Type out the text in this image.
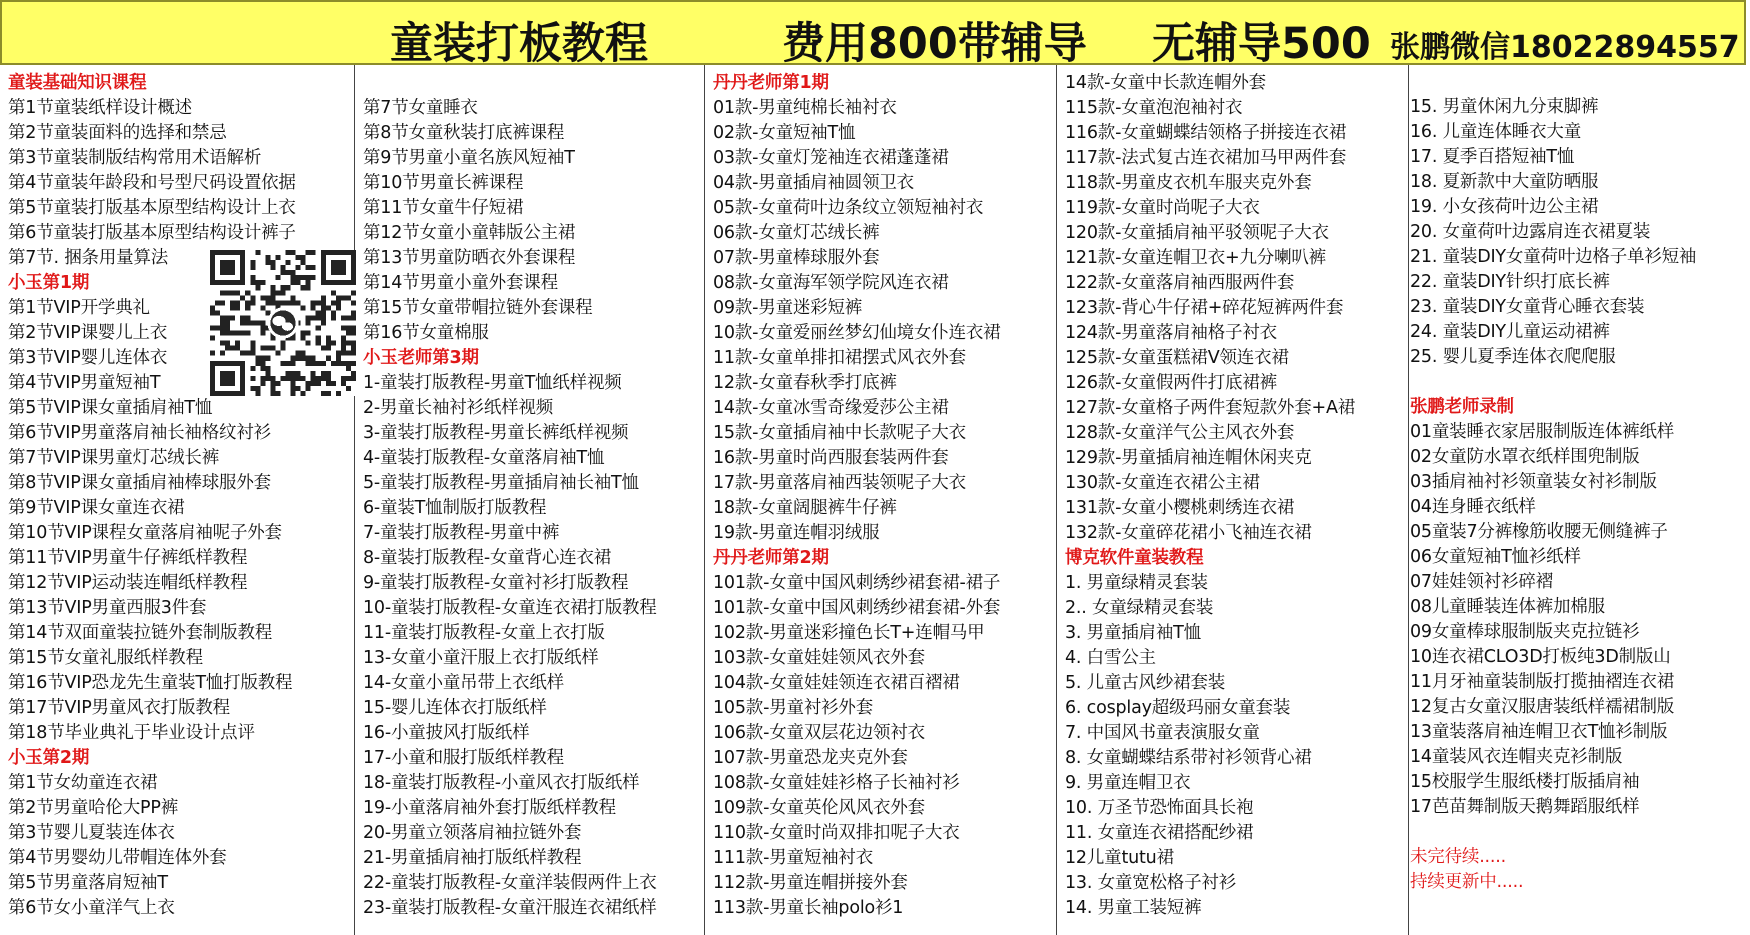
童装打板教程	费用800带辅导 无辅导500 张鹏微信18022894557
童装基础知识课程
第1节童装纸样设计概述
第2节童装面料的选择和禁忌
第3节童装制版结构常用术语解析
第4节童装年龄段和号型尺码设置依据
第5节童装打版基本原型结构设计上衣
第6节童装打版基本原型结构设计裤子
第7节. 捆条用量算法
小玉第1期
第1节VIP开学典礼
第2节VIP课婴儿上衣
第3节VIP婴儿连体衣
第4节VIP男童短袖T
第5节VIP课女童插肩袖T恤
第6节VIP男童落肩袖长袖格纹衬衫
第7节VIP课男童灯芯绒长裤
第8节VIP课女童插肩袖棒球服外套
第9节VIP课女童连衣裙
第10节VIP课程女童落肩袖呢子外套
第11节VIP男童牛仔裤纸样教程
第12节VIP运动装连帽纸样教程
第13节VIP男童西服3件套
第14节双面童装拉链外套制版教程
第15节女童礼服纸样教程
第16节VIP恐龙先生童装T恤打版教程
第17节VIP男童风衣打版教程
第18节毕业典礼于毕业设计点评
小玉第2期
第1节女幼童连衣裙
第2节男童哈伦大PP裤
第3节婴儿夏装连体衣
第4节男婴幼儿带帽连体外套
第5节男童落肩短袖T
第6节女小童洋气上衣
第7节女童睡衣
第8节女童秋装打底裤课程
第9节男童小童名族风短袖T
第10节男童长裤课程
第11节女童牛仔短裙
第12节女童小童韩版公主裙
第13节男童防晒衣外套课程
第14节男童小童外套课程
第15节女童带帽拉链外套课程
第16节女童棉服
小玉老师第3期
1-童装打版教程-男童T恤纸样视频
2-男童长袖衬衫纸样视频
3-童装打版教程-男童长裤纸样视频
4-童装打版教程-女童落肩袖T恤
5-童装打版教程-男童插肩袖长袖T恤
6-童装T恤制版打版教程
7-童装打版教程-男童中裤
8-童装打版教程-女童背心连衣裙
9-童装打版教程-女童衬衫打版教程
10-童装打版教程-女童连衣裙打版教程
11-童装打版教程-女童上衣打版
13-女童小童汗服上衣打版纸样
14-女童小童吊带上衣纸样
15-婴儿连体衣打版纸样
16-小童披风打版纸样
17-小童和服打版纸样教程
18-童装打版教程-小童风衣打版纸样
19-小童落肩袖外套打版纸样教程
20-男童立领落肩袖拉链外套
21-男童插肩袖打版纸样教程
22-童装打版教程-女童洋装假两件上衣
23-童装打版教程-女童汗服连衣裙纸样
丹丹老师第1期
01款-男童纯棉长袖衬衣
02款-女童短袖T恤
03款-女童灯笼袖连衣裙蓬蓬裙
04款-男童插肩袖圆领卫衣
05款-女童荷叶边条纹立领短袖衬衣
06款-女童灯芯绒长裤
07款-男童棒球服外套
08款-女童海军领学院风连衣裙
09款-男童迷彩短裤
10款-女童爱丽丝梦幻仙境女仆连衣裙
11款-女童单排扣裙摆式风衣外套
12款-女童春秋季打底裤
14款-女童冰雪奇缘爱莎公主裙
15款-女童插肩袖中长款呢子大衣
16款-男童时尚西服套装两件套
17款-男童落肩袖西装领呢子大衣
18款-女童阔腿裤牛仔裤
19款-男童连帽羽绒服
丹丹老师第2期
101款-女童中国风刺绣纱裙套裙-裙子
101款-女童中国风刺绣纱裙套裙-外套
102款-男童迷彩撞色长T+连帽马甲
103款-女童娃娃领风衣外套
104款-女童娃娃领连衣裙百褶裙
105款-男童衬衫外套
106款-女童双层花边领衬衣
107款-男童恐龙夹克外套
108款-女童娃娃衫格子长袖衬衫
109款-女童英伦风风衣外套
110款-女童时尚双排扣呢子大衣
111款-男童短袖衬衣
112款-男童连帽拼接外套
113款-男童长袖polo衫1
14款-女童中长款连帽外套
115款-女童泡泡袖衬衣
116款-女童蝴蝶结领格子拼接连衣裙
117款-法式复古连衣裙加马甲两件套
118款-男童皮衣机车服夹克外套
119款-女童时尚呢子大衣
120款-女童插肩袖平驳领呢子大衣
121款-女童连帽卫衣+九分喇叭裤
122款-女童落肩袖西服两件套
123款-背心牛仔裙+碎花短裤两件套
124款-男童落肩袖格子衬衣
125款-女童蛋糕裙V领连衣裙
126款-女童假两件打底裙裤
127款-女童格子两件套短款外套+A裙
128款-女童洋气公主风衣外套
129款-男童插肩袖连帽休闲夹克
130款-女童连衣裙公主裙
131款-女童小樱桃刺绣连衣裙
132款-女童碎花裙小飞袖连衣裙
博克软件童装教程
1. 男童绿精灵套装
2.. 女童绿精灵套装
3. 男童插肩袖T恤
4. 白雪公主
5. 儿童古风纱裙套装
6. cosplay超级玛丽女童套装
7. 中国风书童表演服女童
8. 女童蝴蝶结系带衬衫领背心裙
9. 男童连帽卫衣
10. 万圣节恐怖面具长袍
11. 女童连衣裙搭配纱裙
12儿童tutu裙
13. 女童宽松格子衬衫
14. 男童工装短裤
15. 男童休闲九分束脚裤
16. 儿童连体睡衣大童
17. 夏季百搭短袖T恤
18. 夏新款中大童防晒服
19. 小女孩荷叶边公主裙
20. 女童荷叶边露肩连衣裙夏装
21. 童装DIY女童荷叶边格子单衫短袖
22. 童装DIY针织打底长裤
23. 童装DIY女童背心睡衣套装
24. 童装DIY儿童运动裙裤
25. 婴儿夏季连体衣爬爬服
张鹏老师录制
01童装睡衣家居服制版连体裤纸样
02女童防水罩衣纸样围兜制版
03插肩袖衬衫领童装女衬衫制版
04连身睡衣纸样
05童装7分裤橡筋收腰无侧缝裤子
06女童短袖T恤衫纸样
07娃娃领衬衫碎褶
08儿童睡装连体裤加棉服
09女童棒球服制版夹克拉链衫
10连衣裙CLO3D打板纯3D制版山
11月牙袖童装制版打揽抽褶连衣裙
12复古女童汉服唐装纸样襦裙制版
13童装落肩袖连帽卫衣T恤衫制版
14童装风衣连帽夹克衫制版
15校服学生服纸楼打版插肩袖
17芭苗舞制版天鹅舞蹈服纸样
未完待续.....
持续更新中.....
